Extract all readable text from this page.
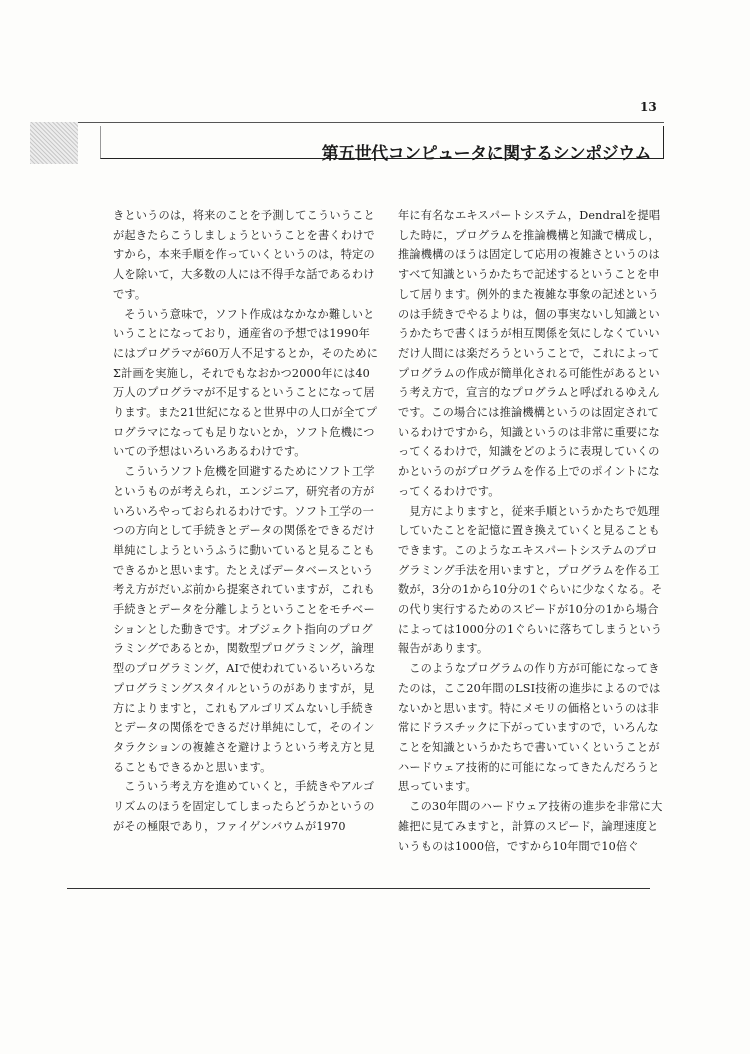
13
第五世代コンピュータに関するシンポジウム

きというのは，将来のことを予測してこういうことが起きたらこうしましょうということを書くわけですから，本来手順を作っていくというのは，特定の人を除いて，大多数の人には不得手な話であるわけです。

そういう意味で，ソフト作成はなかなか難しいということになっており，通産省の予想では1990年にはプログラマが60万人不足するとか，そのためにΣ計画を実施し，それでもなおかつ2000年には40万人のプログラマが不足するということになって居ります。また21世紀になると世界中の人口が全てプログラマになっても足りないとか，ソフト危機についての予想はいろいろあるわけです。

こういうソフト危機を回避するためにソフト工学というものが考えられ，エンジニア，研究者の方がいろいろやっておられるわけです。ソフト工学の一つの方向として手続きとデータの関係をできるだけ単純にしようというふうに動いていると見ることもできるかと思います。たとえばデータベースという考え方がだいぶ前から提案されていますが，これも手続きとデータを分離しようということをモチベーションとした動きです。オブジェクト指向のプログラミングであるとか，関数型プログラミング，論理型のプログラミング，AIで使われているいろいろなプログラミングスタイルというのがありますが，見方によりますと，これもアルゴリズムないし手続きとデータの関係をできるだけ単純にして，そのインタラクションの複雑さを避けようという考え方と見ることもできるかと思います。

こういう考え方を進めていくと，手続きやアルゴリズムのほうを固定してしまったらどうかというのがその極限であり，ファイゲンバウムが1970

年に有名なエキスパートシステム，Dendralを提唱した時に，プログラムを推論機構と知識で構成し，推論機構のほうは固定して応用の複雑さというのはすべて知識というかたちで記述するということを申して居ります。例外的また複雑な事象の記述というのは手続きでやるよりは，個の事実ないし知識というかたちで書くほうが相互関係を気にしなくていいだけ人間には楽だろうということで，これによってプログラムの作成が簡単化される可能性があるという考え方で，宣言的なプログラムと呼ばれるゆえんです。この場合には推論機構というのは固定されているわけですから，知識というのは非常に重要になってくるわけで，知識をどのように表現していくのかというのがプログラムを作る上でのポイントになってくるわけです。

見方によりますと，従来手順というかたちで処理していたことを記憶に置き換えていくと見ることもできます。このようなエキスパートシステムのプログラミング手法を用いますと，プログラムを作る工数が，3分の1から10分の1ぐらいに少なくなる。その代り実行するためのスピードが10分の1から場合によっては1000分の1ぐらいに落ちてしまうという報告があります。

このようなプログラムの作り方が可能になってきたのは，ここ20年間のLSI技術の進歩によるのではないかと思います。特にメモリの価格というのは非常にドラスチックに下がっていますので，いろんなことを知識というかたちで書いていくということがハードウェア技術的に可能になってきたんだろうと思っています。

この30年間のハードウェア技術の進歩を非常に大雑把に見てみますと，計算のスピード，論理速度というものは1000倍，ですから10年間で10倍ぐ
